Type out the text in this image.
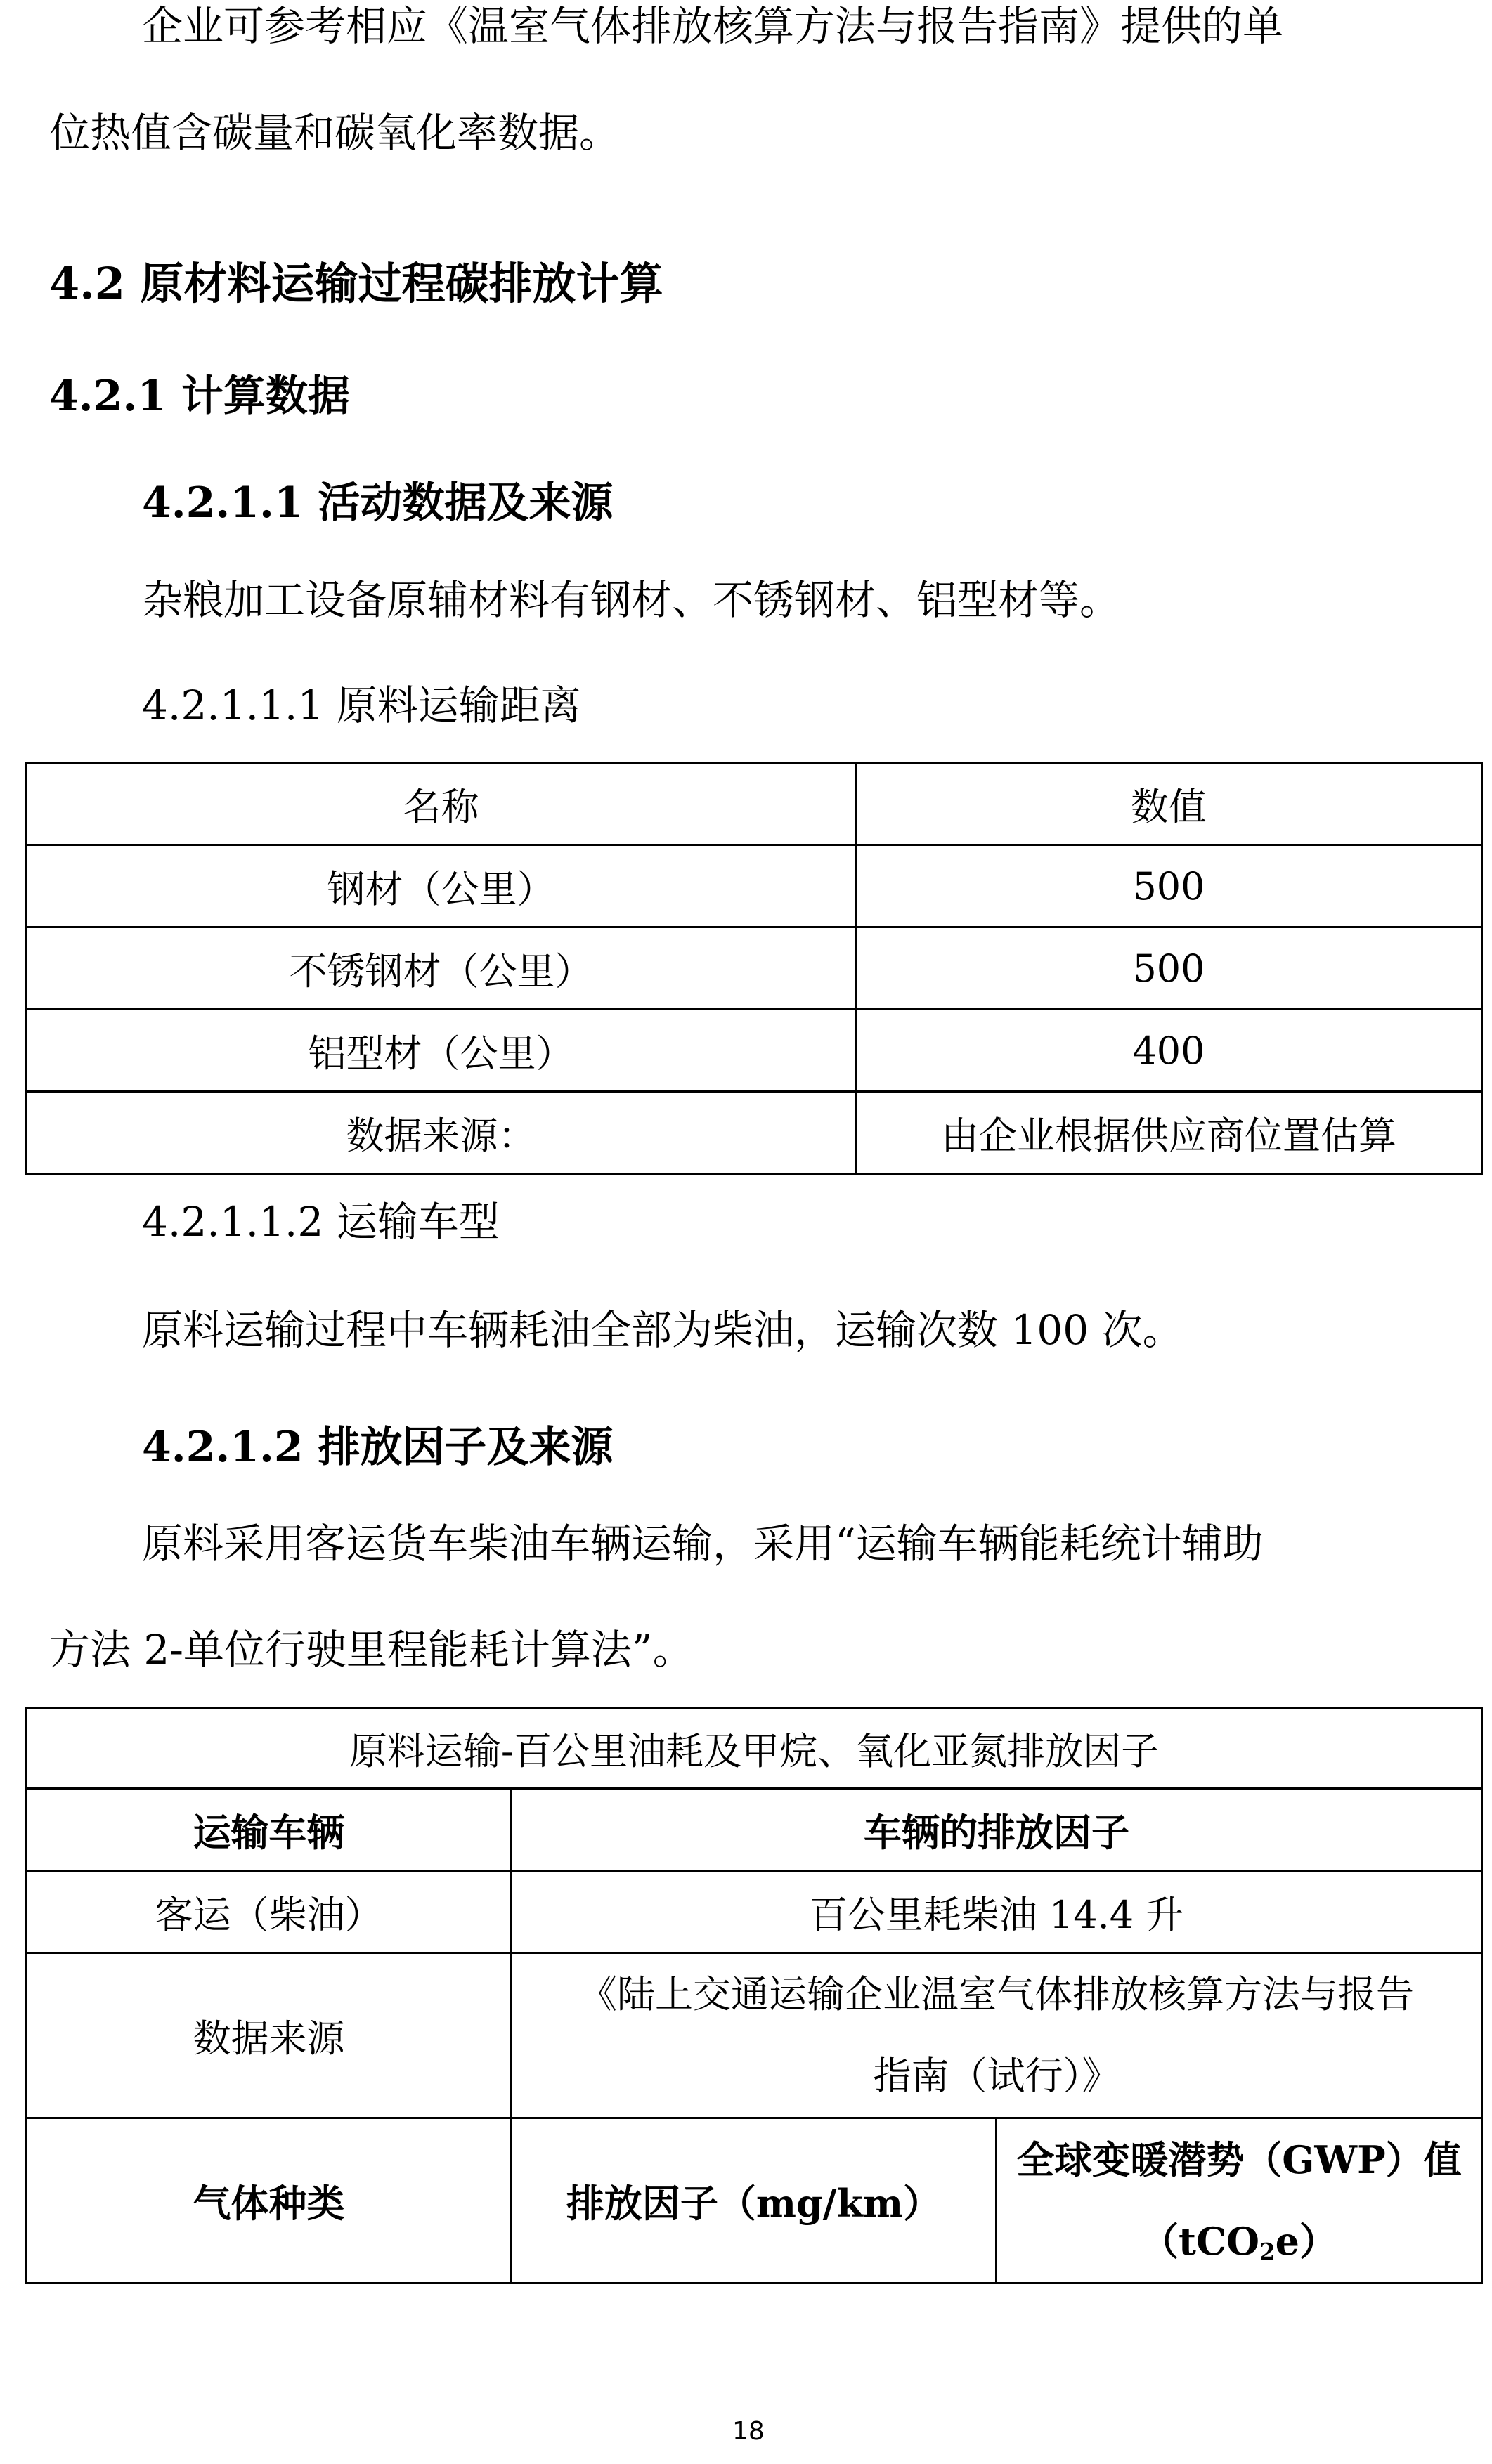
企业可参考相应《温室气体排放核算方法与报告指南》提供的单

位热值含碳量和碳氧化率数据。

4.2 原材料运输过程碳排放计算

4.2.1 计算数据

4.2.1.1 活动数据及来源

杂粮加工设备原辅材料有钢材、不锈钢材、铝型材等。

4.2.1.1.1 原料运输距离

名称	数值
钢材（公里）	500
不锈钢材（公里）	500
铝型材（公里）	400
数据来源：	由企业根据供应商位置估算

4.2.1.1.2 运输车型

原料运输过程中车辆耗油全部为柴油，运输次数 100 次。

4.2.1.2 排放因子及来源

原料采用客运货车柴油车辆运输，采用“运输车辆能耗统计辅助

方法 2-单位行驶里程能耗计算法”。

原料运输-百公里油耗及甲烷、氧化亚氮排放因子		
运输车辆	车辆的排放因子	
客运（柴油）	百公里耗柴油 14.4 升	
数据来源	《陆上交通运输企业温室气体排放核算方法与报告
指南（试行）》	
气体种类	排放因子（mg/km）	全球变暖潜势（GWP）值
（tCO$_2$e）

18
